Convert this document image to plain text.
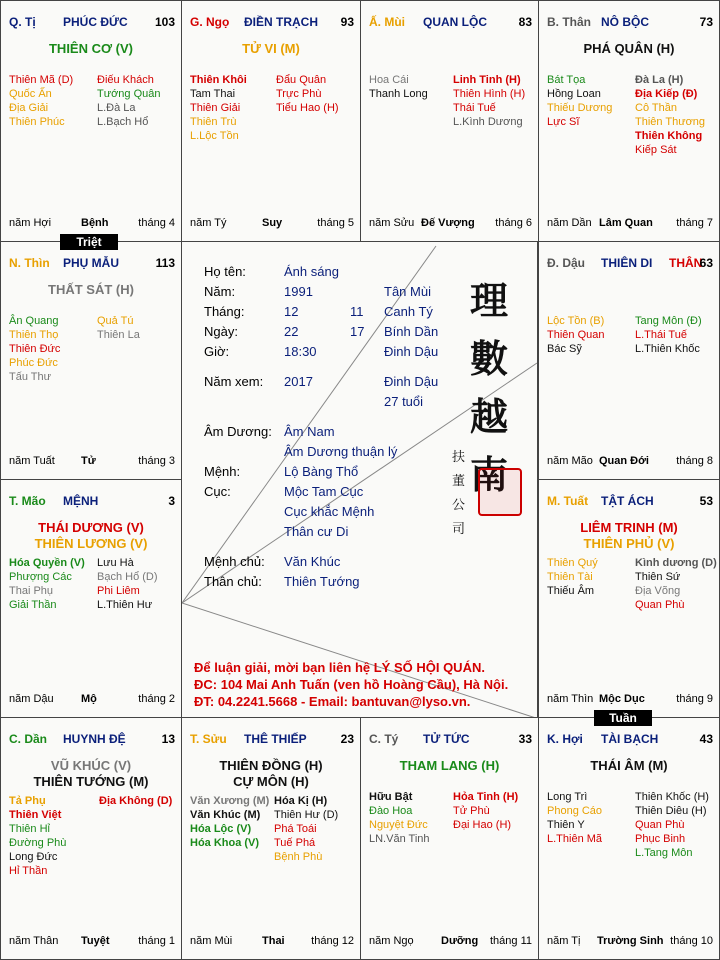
Họ tên:	Ánh sáng
Năm:	1991	Tân Mùi
Tháng:	12	11 Canh Tý
Ngày:	22	17 Bính Dần
Giờ:	18:30	Đinh Dậu
Năm xem: 2017	Đinh Dậu
27 tuổi
Âm Dương: Âm Nam
Âm Dương thuận lý
Mệnh:	Lộ Bàng Thổ
Cục:	Mộc Tam Cục
Cục khắc Mệnh
Thân cư Di
Mệnh chủ: Văn Khúc
Thân chủ: Thiên Tướng
理
數
越
南
扶
董
公
司
Để luận giải, mời bạn liên hệ LÝ SỐ HỘI QUÁN.
ĐC: 104 Mai Anh Tuấn (ven hồ Hoàng Cầu), Hà Nội.
ĐT: 04.2241.5668 - Email: bantuvan@lyso.vn.
Q. Tị PHÚC ĐỨC 103
THIÊN CƠ (V)
Thiên Mã (D)
Quốc Ấn
Địa Giải
Thiên Phúc
Điếu Khách
Tướng Quân
L.Đà La
L.Bạch Hổ
năm Hợi	Bệnh	tháng 4
G. Ngọ ĐIỀN TRẠCH 93
TỬ VI (M)
Thiên Khôi
Tam Thai
Thiên Giải
Thiên Trù
L.Lộc Tồn
Đẩu Quân
Trực Phù
Tiểu Hao (H)
năm Tý	Suy	tháng 5
Ấ. Mùi QUAN LỘC	83
Hoa Cái
Thanh Long
Linh Tinh (H)
Thiên Hình (H)
Thái Tuế
L.Kình Dương
năm Sửu Đế Vượng tháng 6
B. Thân NÔ BỘC	73
PHÁ QUÂN (H)
Bát Tọa
Hồng Loan
Thiếu Dương
Lực Sĩ
Đà La (H)
Địa Kiếp (Đ)
Cô Thần
Thiên Thương
Thiên Không
Kiếp Sát
năm Dần Lâm Quan tháng 7
N. Thìn PHỤ MẪU	113
THẤT SÁT (H)
Ân Quang
Thiên Thọ
Thiên Đức
Phúc Đức
Tấu Thư
Quả Tú
Thiên La
năm Tuất Tử	tháng 3
Đ. Dậu THIÊN DI THÂN
63
Lộc Tồn (B)
Thiên Quan
Bác Sỹ
Tang Môn (Đ)
L.Thái Tuế
L.Thiên Khốc
năm Mão Quan Đới tháng 8
T. Mão MỆNH	3
THÁI DƯƠNG (V)
THIÊN LƯƠNG (V)
Hóa Quyền (V)
Phượng Các
Thai Phụ
Giải Thần
Lưu Hà
Bạch Hổ (D)
Phi Liêm
L.Thiên Hư
năm Dậu Mộ	tháng 2
M. Tuất TẬT ÁCH	53
LIÊM TRINH (M)
THIÊN PHỦ (V)
Thiên Quý
Thiên Tài
Thiếu Âm
Kình dương (D)
Thiên Sứ
Địa Võng
Quan Phù
năm Thìn Mộc Dục	tháng 9
C. Dần HUYNH ĐỆ	13
VŨ KHÚC (V)
THIÊN TƯỚNG (M)
Tả Phụ
Thiên Việt
Thiên Hỉ
Đường Phù
Long Đức
Hỉ Thần
Địa Không (D)
năm Thân Tuyệt	tháng 1
T. Sửu THÊ THIẾP	23
THIÊN ĐỒNG (H)
CỰ MÔN (H)
Văn Xương (M)
Văn Khúc (M)
Hóa Lộc (V)
Hóa Khoa (V)
Hóa Kị (H)
Thiên Hư (D)
Phá Toái
Tuế Phá
Bệnh Phù
năm Mùi	Thai tháng 12
C. Tý TỬ TỨC	33
THAM LANG (H)
Hữu Bật
Đào Hoa
Nguyệt Đức
LN.Văn Tinh
Hỏa Tinh (H)
Tử Phù
Đại Hao (H)
năm Ngọ Dưỡng tháng 11
K. Hợi TÀI BẠCH	43
THÁI ÂM (M)
Long Trì
Phong Cáo
Thiên Y
L.Thiên Mã
Thiên Khốc (H)
Thiên Diêu (H)
Quan Phù
Phục Binh
L.Tang Môn
năm Tị Trường Sinh tháng 10
Triệt
Tuần
